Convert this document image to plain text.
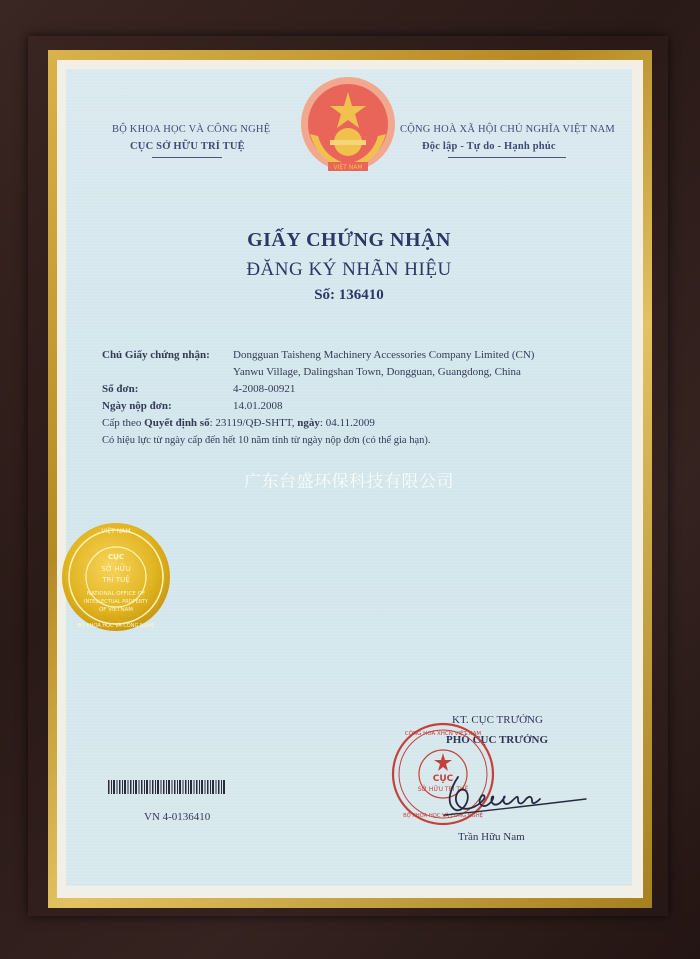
BỘ KHOA HỌC VÀ CÔNG NGHỆ
CỤC SỞ HỮU TRÍ TUỆ
CỘNG HOÀ XÃ HỘI CHỦ NGHĨA VIỆT NAM
Độc lập - Tự do - Hạnh phúc
VIỆT NAM
GIẤY CHỨNG NHẬN
ĐĂNG KÝ NHÃN HIỆU
Số: 136410
Chủ Giấy chứng nhận: Dongguan Taisheng Machinery Accessories Company Limited (CN)
Yanwu Village, Dalingshan Town, Dongguan, Guangdong, China
Số đơn:	4-2008-00921
Ngày nộp đơn:	14.01.2008
Cấp theo Quyết định số: 23119/QĐ-SHTT, ngày: 04.11.2009
Có hiệu lực từ ngày cấp đến hết 10 năm tính từ ngày nộp đơn (có thể gia hạn).
广东台盛环保科技有限公司
CỤC
SỞ HỮU
TRÍ TUỆ
NATIONAL OFFICE OF
INTELLECTUAL PROPERTY
OF VIETNAM
VIỆT NAM
BỘ KHOA HỌC VÀ CÔNG NGHỆ
KT. CỤC TRƯỞNG
PHÓ CỤC TRƯỞNG
CỤC
SỞ HỮU TRÍ TUỆ
CỘNG HOÀ XHCN VIỆT NAM
BỘ KHOA HỌC VÀ CÔNG NGHỆ
Trần Hữu Nam
VN 4-0136410
